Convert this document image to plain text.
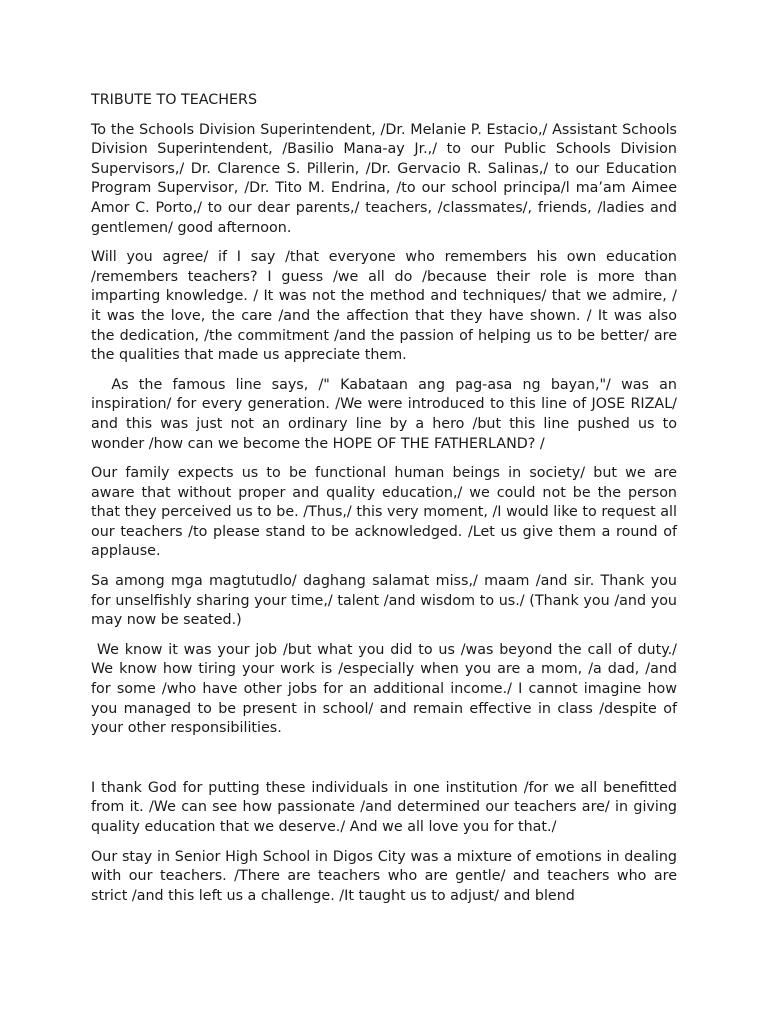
TRIBUTE TO TEACHERS

To the Schools Division Superintendent, /Dr. Melanie P. Estacio,/ Assistant Schools Division Superintendent, /Basilio Mana-ay Jr.,/ to our Public Schools Division Supervisors,/ Dr. Clarence S. Pillerin, /Dr. Gervacio R. Salinas,/ to our Education Program Supervisor, /Dr. Tito M. Endrina, /to our school principa/l ma’am Aimee Amor C. Porto,/ to our dear parents,/ teachers, /classmates/, friends, /ladies and gentlemen/ good afternoon.

Will you agree/ if I say /that everyone who remembers his own education /remembers teachers? I guess /we all do /because their role is more than imparting knowledge. / It was not the method and techniques/ that we admire, / it was the love, the care /and the affection that they have shown. / It was also the dedication, /the commitment /and the passion of helping us to be better/ are the qualities that made us appreciate them.

As the famous line says, /" Kabataan ang pag-asa ng bayan,"/ was an inspiration/ for every generation. /We were introduced to this line of JOSE RIZAL/ and this was just not an ordinary line by a hero /but this line pushed us to wonder /how can we become the HOPE OF THE FATHERLAND? /

Our family expects us to be functional human beings in society/ but we are aware that without proper and quality education,/ we could not be the person that they perceived us to be. /Thus,/ this very moment, /I would like to request all our teachers /to please stand to be acknowledged. /Let us give them a round of applause.

Sa among mga magtutudlo/ daghang salamat miss,/ maam /and sir. Thank you for unselfishly sharing your time,/ talent /and wisdom to us./ (Thank you /and you may now be seated.)

We know it was your job /but what you did to us /was beyond the call of duty./ We know how tiring your work is /especially when you are a mom, /a dad, /and for some /who have other jobs for an additional income./ I cannot imagine how you managed to be present in school/ and remain effective in class /despite of your other responsibilities.

I thank God for putting these individuals in one institution /for we all benefitted from it. /We can see how passionate /and determined our teachers are/ in giving quality education that we deserve./ And we all love you for that./

Our stay in Senior High School in Digos City was a mixture of emotions in dealing with our teachers. /There are teachers who are gentle/ and teachers who are strict /and this left us a challenge. /It taught us to adjust/ and blend
